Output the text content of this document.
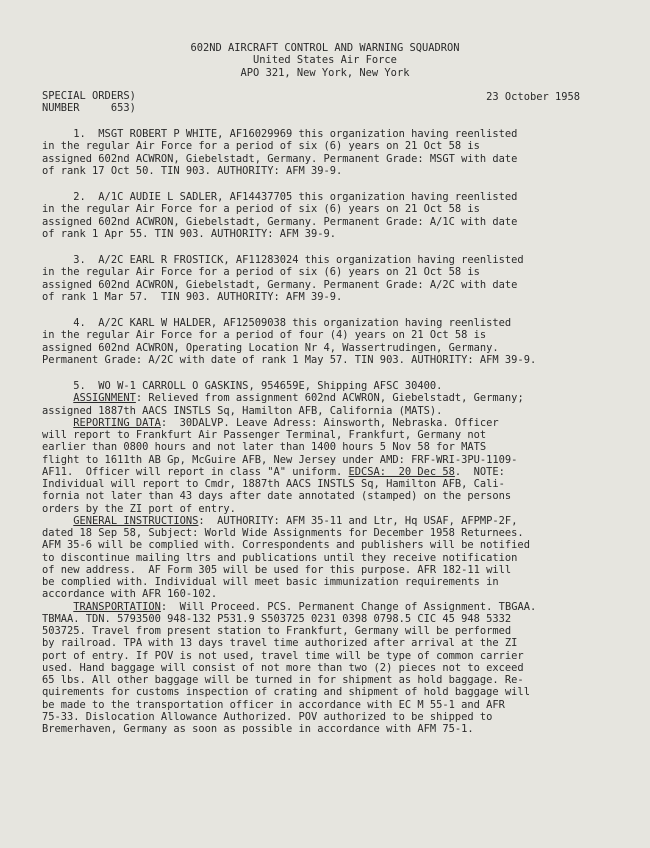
602ND AIRCRAFT CONTROL AND WARNING SQUADRON
United States Air Force
APO 321, New York, New York
SPECIAL ORDERS)
NUMBER     653)
23 October 1958
1.  MSGT ROBERT P WHITE, AF16029969 this organization having reenlisted
in the regular Air Force for a period of six (6) years on 21 Oct 58 is
assigned 602nd ACWRON, Giebelstadt, Germany. Permanent Grade: MSGT with date
of rank 17 Oct 50. TIN 903. AUTHORITY: AFM 39-9.
2.  A/1C AUDIE L SADLER, AF14437705 this organization having reenlisted
in the regular Air Force for a period of six (6) years on 21 Oct 58 is
assigned 602nd ACWRON, Giebelstadt, Germany. Permanent Grade: A/1C with date
of rank 1 Apr 55. TIN 903. AUTHORITY: AFM 39-9.
3.  A/2C EARL R FROSTICK, AF11283024 this organization having reenlisted
in the regular Air Force for a period of six (6) years on 21 Oct 58 is
assigned 602nd ACWRON, Giebelstadt, Germany. Permanent Grade: A/2C with date
of rank 1 Mar 57.  TIN 903. AUTHORITY: AFM 39-9.
4.  A/2C KARL W HALDER, AF12509038 this organization having reenlisted
in the regular Air Force for a period of four (4) years on 21 Oct 58 is
assigned 602nd ACWRON, Operating Location Nr 4, Wassertrudingen, Germany.
Permanent Grade: A/2C with date of rank 1 May 57. TIN 903. AUTHORITY: AFM 39-9.
5.  WO W-1 CARROLL O GASKINS, 954659E, Shipping AFSC 30400.
ASSIGNMENT: Relieved from assignment 602nd ACWRON, Giebelstadt, Germany;
assigned 1887th AACS INSTLS Sq, Hamilton AFB, California (MATS).
REPORTING DATA:  30DALVP. Leave Adress: Ainsworth, Nebraska. Officer
will report to Frankfurt Air Passenger Terminal, Frankfurt, Germany not
earlier than 0800 hours and not later than 1400 hours 5 Nov 58 for MATS
flight to 1611th AB Gp, McGuire AFB, New Jersey under AMD: FRF-WRI-3PU-1109-
AF11.  Officer will report in class "A" uniform. EDCSA:  20 Dec 58.  NOTE:
Individual will report to Cmdr, 1887th AACS INSTLS Sq, Hamilton AFB, Cali-
fornia not later than 43 days after date annotated (stamped) on the persons
orders by the ZI port of entry.
GENERAL INSTRUCTIONS:  AUTHORITY: AFM 35-11 and Ltr, Hq USAF, AFPMP-2F,
dated 18 Sep 58, Subject: World Wide Assignments for December 1958 Returnees.
AFM 35-6 will be complied with. Correspondents and publishers will be notified
to discontinue mailing ltrs and publications until they receive notification
of new address.  AF Form 305 will be used for this purpose. AFR 182-11 will
be complied with. Individual will meet basic immunization requirements in
accordance with AFR 160-102.
TRANSPORTATION:  Will Proceed. PCS. Permanent Change of Assignment. TBGAA.
TBMAA. TDN. 5793500 948-132 P531.9 S503725 0231 0398 0798.5 CIC 45 948 5332
503725. Travel from present station to Frankfurt, Germany will be performed
by railroad. TPA with 13 days travel time authorized after arrival at the ZI
port of entry. If POV is not used, travel time will be type of common carrier
used. Hand baggage will consist of not more than two (2) pieces not to exceed
65 lbs. All other baggage will be turned in for shipment as hold baggage. Re-
quirements for customs inspection of crating and shipment of hold baggage will
be made to the transportation officer in accordance with EC M 55-1 and AFR
75-33. Dislocation Allowance Authorized. POV authorized to be shipped to
Bremerhaven, Germany as soon as possible in accordance with AFM 75-1.
